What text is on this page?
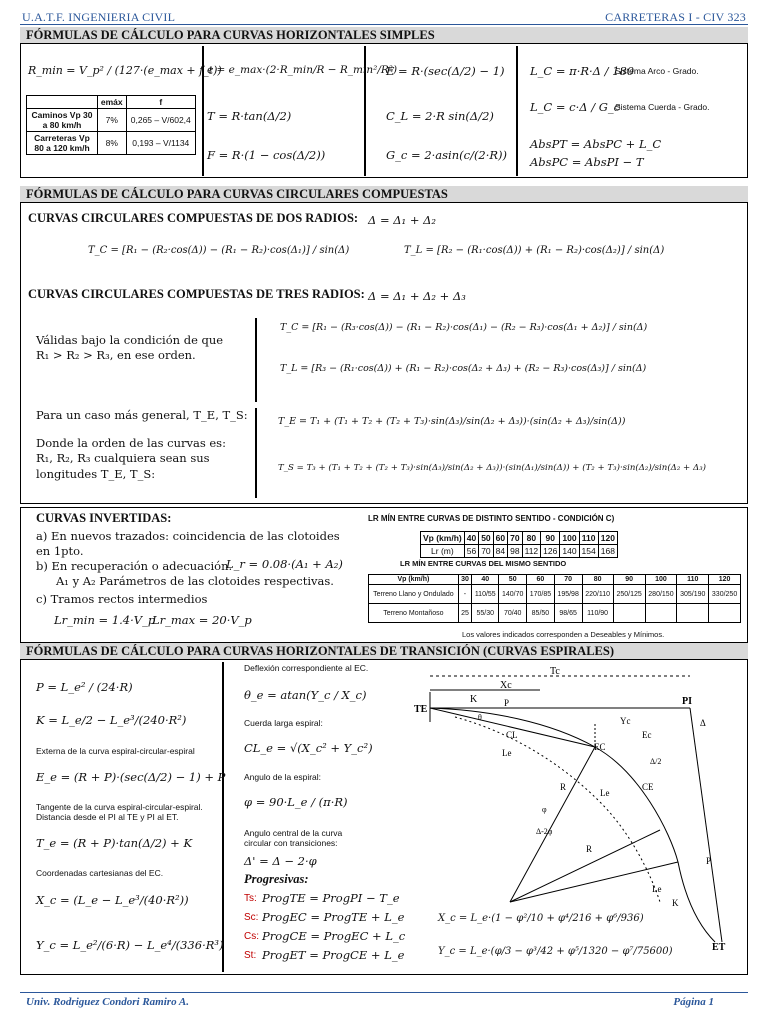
U.A.T.F. INGENIERIA CIVIL	CARRETERAS I - CIV 323
FÓRMULAS DE CÁLCULO PARA CURVAS HORIZONTALES SIMPLES
R_min = V_p² / (127·(e_max + f_t))
	emáx	f
Caminos Vp 30 a 80 km/h	7%	0,265 – V/602,4
Carreteras Vp 80 a 120 km/h	8%	0,193 – V/1134
e = e_max·(2·R_min/R − R_min²/R²)
T = R·tan(Δ/2)
F = R·(1 − cos(Δ/2))
E = R·(sec(Δ/2) − 1)
C_L = 2·R sin(Δ/2)
G_c = 2·asin(c/(2·R))
L_C = π·R·Δ / 180
Sistema Arco - Grado.
L_C = c·Δ / G_c
Sistema Cuerda - Grado.
AbsPT = AbsPC + L_C
AbsPC = AbsPI − T
FÓRMULAS DE CÁLCULO PARA CURVAS CIRCULARES COMPUESTAS
CURVAS CIRCULARES COMPUESTAS DE DOS RADIOS: Δ = Δ₁ + Δ₂
T_C = [R₁ − (R₂·cos(Δ)) − (R₁ − R₂)·cos(Δ₁)] / sin(Δ)	T_L = [R₂ − (R₁·cos(Δ)) + (R₁ − R₂)·cos(Δ₂)] / sin(Δ)
CURVAS CIRCULARES COMPUESTAS DE TRES RADIOS: Δ = Δ₁ + Δ₂ + Δ₃
Válidas bajo la condición de que
R₁ > R₂ > R₃, en ese orden.
T_C = [R₁ − (R₃·cos(Δ)) − (R₁ − R₂)·cos(Δ₁) − (R₂ − R₃)·cos(Δ₁ + Δ₂)] / sin(Δ)
T_L = [R₃ − (R₁·cos(Δ)) + (R₁ − R₂)·cos(Δ₂ + Δ₃) + (R₂ − R₃)·cos(Δ₃)] / sin(Δ)
Para un caso más general, T_E, T_S:
Donde la orden de las curvas es:
R₁, R₂, R₃ cualquiera sean sus
longitudes T_E, T_S:
T_E = T₁ + (T₁ + T₂ + (T₂ + T₃)·sin(Δ₃)/sin(Δ₂ + Δ₃))·(sin(Δ₂ + Δ₃)/sin(Δ))
T_S = T₃ + (T₁ + T₂ + (T₂ + T₃)·sin(Δ₃)/sin(Δ₂ + Δ₃))·(sin(Δ₁)/sin(Δ)) + (T₂ + T₃)·sin(Δ₂)/sin(Δ₂ + Δ₃)
CURVAS INVERTIDAS:
a) En nuevos trazados: coincidencia de las clotoides
en 1pto.
b) En recuperación o adecuación.
L_r = 0.08·(A₁ + A₂)
A₁ y A₂ Parámetros de las clotoides respectivas.
c) Tramos rectos intermedios
Lr_min = 1.4·V_p
Lr_max = 20·V_p
LR MÍN ENTRE CURVAS DE DISTINTO SENTIDO - CONDICIÓN C)
Vp (km/h)	40	50	60	70	80	90	100	110	120
Lr (m)	56	70	84	98	112	126	140	154	168
LR MÍN ENTRE CURVAS DEL MISMO SENTIDO
Vp (km/h)	30	40	50	60	70	80	90	100	110	120
Terreno Llano y Ondulado	-	110/55	140/70	170/85	195/98	220/110	250/125	280/150	305/190	330/250
Terreno Montañoso	25	55/30	70/40	85/50	98/65	110/90				
Los valores indicados corresponden a Deseables y Mínimos.
FÓRMULAS DE CÁLCULO PARA CURVAS HORIZONTALES DE TRANSICIÓN (CURVAS ESPIRALES)
P = L_e² / (24·R)
K = L_e/2 − L_e³/(240·R²)
Externa de la curva espiral-circular-espiral
E_e = (R + P)·(sec(Δ/2) − 1) + P
Tangente de la curva espiral-circular-espiral.
Distancia desde el PI al TE y PI al ET.
T_e = (R + P)·tan(Δ/2) + K
Coordenadas cartesianas del EC.
X_c = (L_e − L_e³/(40·R²))
Y_c = L_e²/(6·R) − L_e⁴/(336·R³)
Deflexión correspondiente al EC.
θ_e = atan(Y_c / X_c)
Cuerda larga espiral:
CL_e = √(X_c² + Y_c²)
Angulo de la espiral:
φ = 90·L_e / (π·R)
Angulo central de la curva
circular con transiciones:
Δ' = Δ − 2·φ
Progresivas:
Ts: ProgTE = ProgPI − T_e
Sc: ProgEC = ProgTE + L_e
Cs: ProgCE = ProgEC + L_c
St: ProgET = ProgCE + L_e
Tc
Xc
K
TE
P
Yc
PI
Δ
Ec
CL
Le
EC
θ
Δ/2
R
Le
CE
φ
Δ-2φ
R
P
Le
K
ET
X_c = L_e·(1 − φ²/10 + φ⁴/216 + φ⁶/936)
Y_c = L_e·(φ/3 − φ³/42 + φ⁵/1320 − φ⁷/75600)
Univ. Rodriguez Condori Ramiro A.	Página 1
